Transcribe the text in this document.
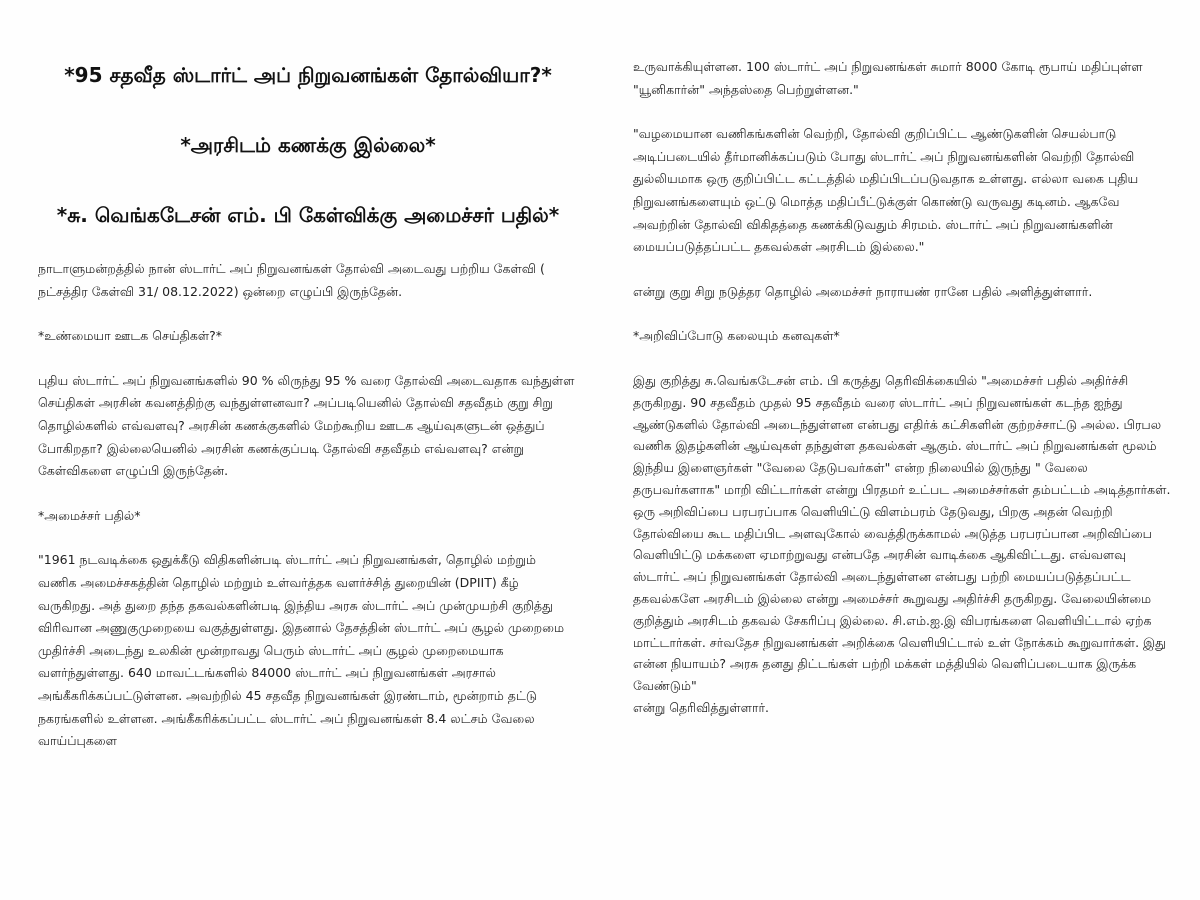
*95 சதவீத ஸ்டார்ட் அப் நிறுவனங்கள் தோல்வியா?*
*அரசிடம் கணக்கு இல்லை*
*சு. வெங்கடேசன் எம். பி கேள்விக்கு அமைச்சர் பதில்*

நாடாளுமன்றத்தில் நான் ஸ்டார்ட் அப் நிறுவனங்கள் தோல்வி அடைவது பற்றிய கேள்வி ( நட்சத்திர கேள்வி 31/ 08.12.2022) ஒன்றை எழுப்பி இருந்தேன்.

*உண்மையா ஊடக செய்திகள்?*

புதிய ஸ்டார்ட் அப் நிறுவனங்களில் 90 % லிருந்து 95 % வரை தோல்வி அடைவதாக வந்துள்ள செய்திகள் அரசின் கவனத்திற்கு வந்துள்ளனவா? அப்படியெனில் தோல்வி சதவீதம் குறு சிறு தொழில்களில் எவ்வளவு? அரசின் கணக்குகளில் மேற்கூறிய ஊடக ஆய்வுகளுடன் ஒத்துப் போகிறதா? இல்லையெனில் அரசின் கணக்குப்படி தோல்வி சதவீதம் எவ்வளவு? என்று கேள்விகளை எழுப்பி இருந்தேன்.

*அமைச்சர் பதில்*

"1961 நடவடிக்கை ஒதுக்கீடு விதிகளின்படி ஸ்டார்ட் அப் நிறுவனங்கள், தொழில் மற்றும் வணிக அமைச்சகத்தின் தொழில் மற்றும் உள்வர்த்தக வளர்ச்சித் துறையின் (DPIIT) கீழ் வருகிறது. அத் துறை தந்த தகவல்களின்படி இந்திய அரசு ஸ்டார்ட் அப் முன்முயற்சி குறித்து விரிவான அணுகுமுறையை வகுத்துள்ளது. இதனால் தேசத்தின் ஸ்டார்ட் அப் சூழல் முறைமை முதிர்ச்சி அடைந்து உலகின் மூன்றாவது பெரும் ஸ்டார்ட் அப் சூழல் முறைமையாக வளர்ந்துள்ளது. 640 மாவட்டங்களில் 84000 ஸ்டார்ட் அப் நிறுவனங்கள் அரசால் அங்கீகரிக்கப்பட்டுள்ளன. அவற்றில் 45 சதவீத நிறுவனங்கள் இரண்டாம், மூன்றாம் தட்டு நகரங்களில் உள்ளன. அங்கீகரிக்கப்பட்ட ஸ்டார்ட் அப் நிறுவனங்கள் 8.4 லட்சம் வேலை வாய்ப்புகளை

உருவாக்கியுள்ளன. 100 ஸ்டார்ட் அப் நிறுவனங்கள் சுமார் 8000 கோடி ரூபாய் மதிப்புள்ள "யூனிகார்ன்" அந்தஸ்தை பெற்றுள்ளன."

"வழமையான வணிகங்களின் வெற்றி, தோல்வி குறிப்பிட்ட ஆண்டுகளின் செயல்பாடு அடிப்படையில் தீர்மானிக்கப்படும் போது ஸ்டார்ட் அப் நிறுவனங்களின் வெற்றி தோல்வி துல்லியமாக ஒரு குறிப்பிட்ட கட்டத்தில் மதிப்பிடப்படுவதாக உள்ளது. எல்லா வகை புதிய நிறுவனங்களையும் ஒட்டு மொத்த மதிப்பீட்டுக்குள் கொண்டு வருவது கடினம். ஆகவே அவற்றின் தோல்வி விகிதத்தை கணக்கிடுவதும் சிரமம். ஸ்டார்ட் அப் நிறுவனங்களின் மையப்படுத்தப்பட்ட தகவல்கள் அரசிடம் இல்லை."

என்று குறு சிறு நடுத்தர தொழில் அமைச்சர் நாராயண் ரானே பதில் அளித்துள்ளார்.

*அறிவிப்போடு கலையும் கனவுகள்*

இது குறித்து சு.வெங்கடேசன் எம். பி கருத்து தெரிவிக்கையில் "அமைச்சர் பதில் அதிர்ச்சி தருகிறது. 90 சதவீதம் முதல் 95 சதவீதம் வரை ஸ்டார்ட் அப் நிறுவனங்கள் கடந்த ஐந்து ஆண்டுகளில் தோல்வி அடைந்துள்ளன என்பது எதிர்க் கட்சிகளின் குற்றச்சாட்டு அல்ல. பிரபல வணிக இதழ்களின் ஆய்வுகள் தந்துள்ள தகவல்கள் ஆகும். ஸ்டார்ட் அப் நிறுவனங்கள் மூலம் இந்திய இளைஞர்கள் "வேலை தேடுபவர்கள்" என்ற நிலையில் இருந்து " வேலை தருபவர்களாக" மாறி விட்டார்கள் என்று பிரதமர் உட்பட அமைச்சர்கள் தம்பட்டம் அடித்தார்கள். ஒரு அறிவிப்பை பரபரப்பாக வெளியிட்டு விளம்பரம் தேடுவது, பிறகு அதன் வெற்றி தோல்வியை கூட மதிப்பிட அளவுகோல் வைத்திருக்காமல் அடுத்த பரபரப்பான அறிவிப்பை வெளியிட்டு மக்களை ஏமாற்றுவது என்பதே அரசின் வாடிக்கை ஆகிவிட்டது. எவ்வளவு ஸ்டார்ட் அப் நிறுவனங்கள் தோல்வி அடைந்துள்ளன என்பது பற்றி மையப்படுத்தப்பட்ட தகவல்களே அரசிடம் இல்லை என்று அமைச்சர் கூறுவது அதிர்ச்சி தருகிறது. வேலையின்மை குறித்தும் அரசிடம் தகவல் சேகரிப்பு இல்லை. சி.எம்.ஐ.இ விபரங்களை வெளியிட்டால் ஏற்க மாட்டார்கள். சர்வதேச நிறுவனங்கள் அறிக்கை வெளியிட்டால் உள் நோக்கம் கூறுவார்கள். இது என்ன நியாயம்? அரசு தனது திட்டங்கள் பற்றி மக்கள் மத்தியில் வெளிப்படையாக இருக்க வேண்டும்"

என்று தெரிவித்துள்ளார்.
